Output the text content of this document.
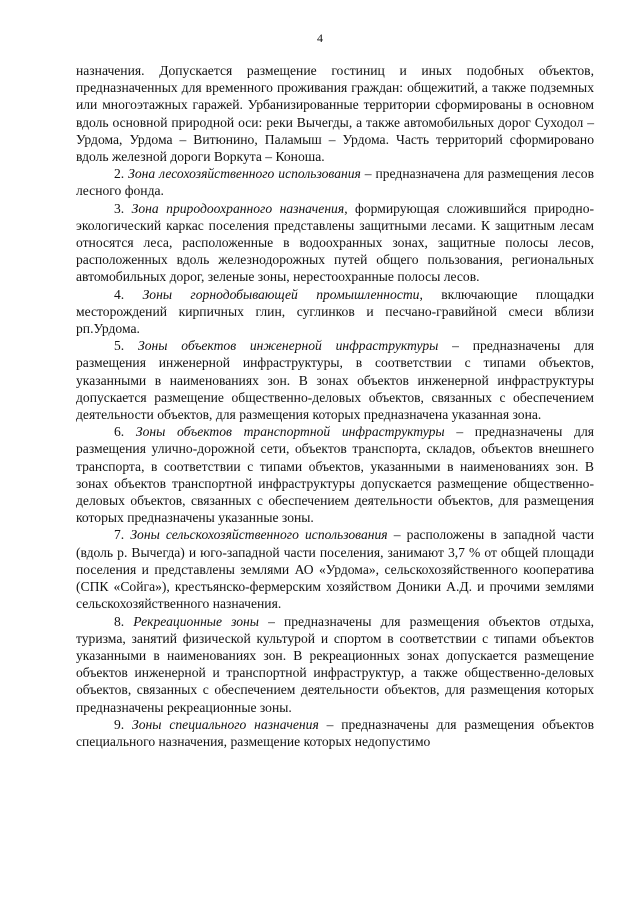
4

назначения. Допускается размещение гостиниц и иных подобных объектов, предназначенных для временного проживания граждан: общежитий, а также подземных или многоэтажных гаражей. Урбанизированные территории сформированы в основном вдоль основной природной оси: реки Вычегды, а также автомобильных дорог Суходол – Урдома, Урдома – Витюнино, Паламыш – Урдома. Часть территорий сформировано вдоль железной дороги Воркута – Конoша.

2. Зона лесохозяйственного использования – предназначена для размещения лесов лесного фонда.

3. Зона природоохранного назначения, формирующая сложившийся природно-экологический каркас поселения представлены защитными лесами. К защитным лесам относятся леса, расположенные в водоохранных зонах, защитные полосы лесов, расположенных вдоль железнодорожных путей общего пользования, региональных автомобильных дорог, зеленые зоны, нерестоохранные полосы лесов.

4. Зоны горнодобывающей промышленности, включающие площадки месторождений кирпичных глин, суглинков и песчано-гравийной смеси вблизи рп.Урдома.

5. Зоны объектов инженерной инфраструктуры – предназначены для размещения инженерной инфраструктуры, в соответствии с типами объектов, указанными в наименованиях зон. В зонах объектов инженерной инфраструктуры допускается размещение общественно-деловых объектов, связанных с обеспечением деятельности объектов, для размещения которых предназначена указанная зона.

6. Зоны объектов транспортной инфраструктуры – предназначены для размещения улично-дорожной сети, объектов транспорта, складов, объектов внешнего транспорта, в соответствии с типами объектов, указанными в наименованиях зон. В зонах объектов транспортной инфраструктуры допускается размещение общественно-деловых объектов, связанных с обеспечением деятельности объектов, для размещения которых предназначены указанные зоны.

7. Зоны сельскохозяйственного использования – расположены в западной части (вдоль р. Вычегда) и юго-западной части поселения, занимают 3,7 % от общей площади поселения и представлены землями АО «Урдома», сельскохозяйственного кооператива (СПК «Сойга»), крестьянско-фермерским хозяйством Доники А.Д. и прочими землями сельскохозяйственного назначения.

8. Рекреационные зоны – предназначены для размещения объектов отдыха, туризма, занятий физической культурой и спортом в соответствии с типами объектов указанными в наименованиях зон. В рекреационных зонах допускается размещение объектов инженерной и транспортной инфраструктур, а также общественно-деловых объектов, связанных с обеспечением деятельности объектов, для размещения которых предназначены рекреационные зоны.

9. Зоны специального назначения – предназначены для размещения объектов специального назначения, размещение которых недопустимо
